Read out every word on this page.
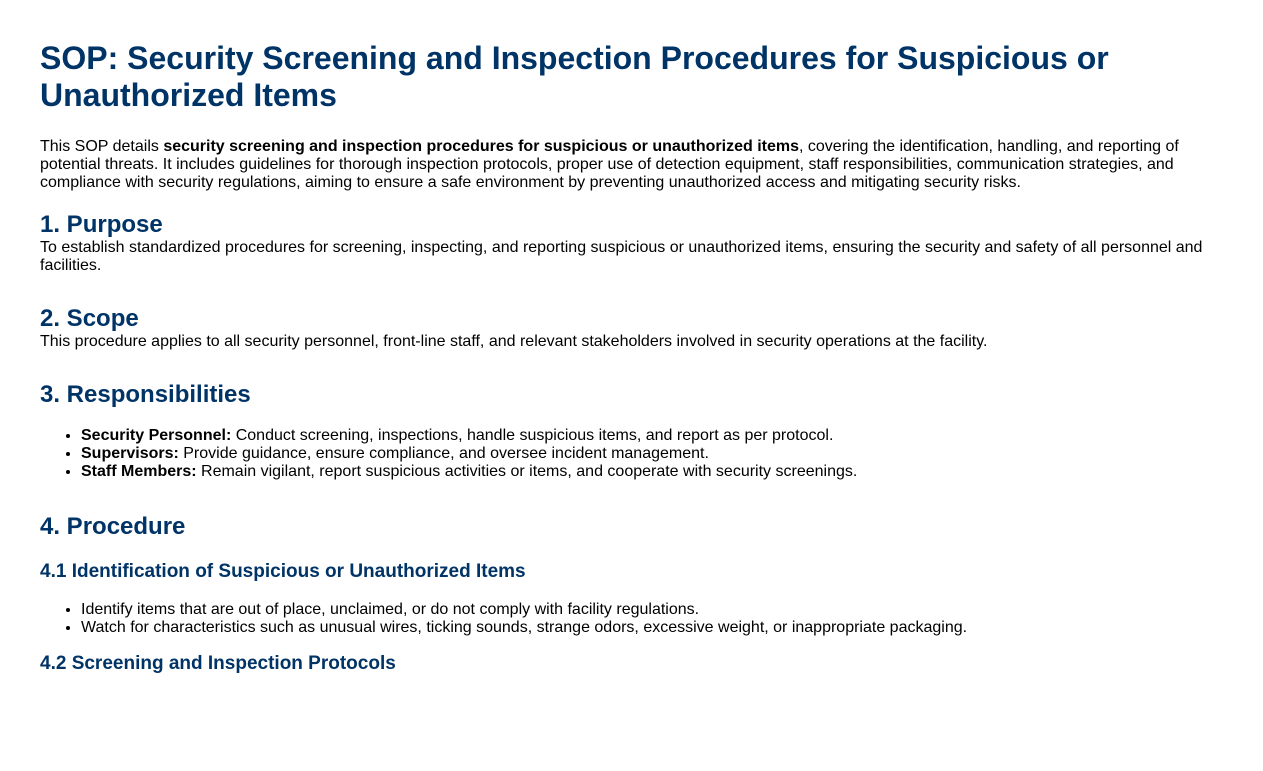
SOP: Security Screening and Inspection Procedures for Suspicious or Unauthorized Items

This SOP details security screening and inspection procedures for suspicious or unauthorized items, covering the identification, handling, and reporting of potential threats. It includes guidelines for thorough inspection protocols, proper use of detection equipment, staff responsibilities, communication strategies, and compliance with security regulations, aiming to ensure a safe environment by preventing unauthorized access and mitigating security risks.

1. Purpose

To establish standardized procedures for screening, inspecting, and reporting suspicious or unauthorized items, ensuring the security and safety of all personnel and facilities.

2. Scope

This procedure applies to all security personnel, front-line staff, and relevant stakeholders involved in security operations at the facility.

3. Responsibilities
• Security Personnel: Conduct screening, inspections, handle suspicious items, and report as per protocol.
• Supervisors: Provide guidance, ensure compliance, and oversee incident management.
• Staff Members: Remain vigilant, report suspicious activities or items, and cooperate with security screenings.
4. Procedure
4.1 Identification of Suspicious or Unauthorized Items
• Identify items that are out of place, unclaimed, or do not comply with facility regulations.
• Watch for characteristics such as unusual wires, ticking sounds, strange odors, excessive weight, or inappropriate packaging.
4.2 Screening and Inspection Protocols
